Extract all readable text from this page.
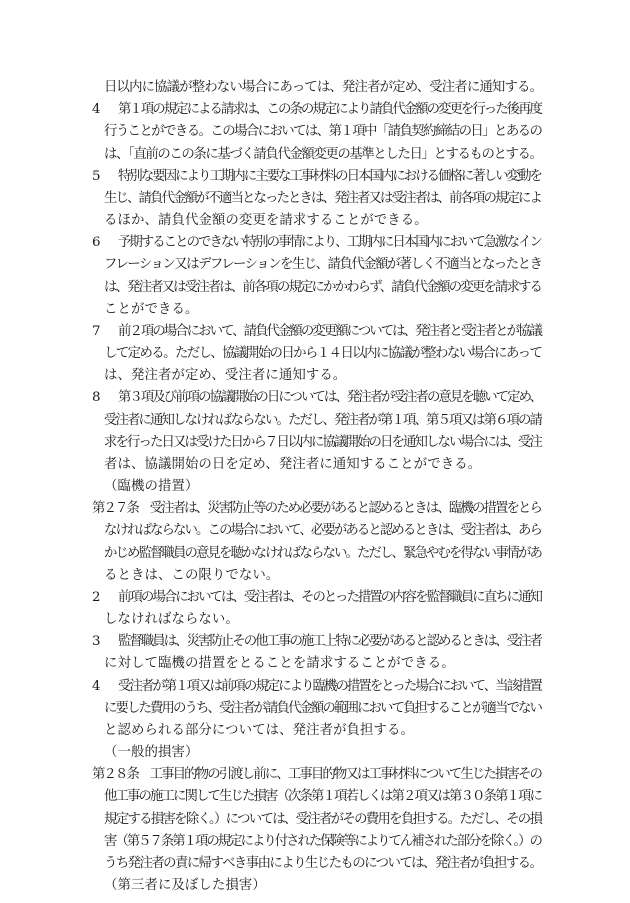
日以内に協議が整わない場合にあっては、発注者が定め、受注者に通知する。
4	第１項の規定による請求は、この条の規定により請負代金額の変更を行った後再度
行うことができる。この場合においては、第１項中「請負契約締結の日」とあるの
は、「直前のこの条に基づく請負代金額変更の基準とした日」とするものとする。
5	特別な要因により工期内に主要な工事材料の日本国内における価格に著しい変動を
生じ、請負代金額が不適当となったときは、発注者又は受注者は、前各項の規定によ
るほか、請負代金額の変更を請求することができる。
6	予期することのできない特別の事情により、工期内に日本国内において急激なイン
フレーション又はデフレーションを生じ、請負代金額が著しく不適当となったとき
は、発注者又は受注者は、前各項の規定にかかわらず、請負代金額の変更を請求する
ことができる。
7	前２項の場合において、請負代金額の変更額については、発注者と受注者とが協議
して定める。ただし、協議開始の日から１４日以内に協議が整わない場合にあって
は、発注者が定め、受注者に通知する。
8	第３項及び前項の協議開始の日については、発注者が受注者の意見を聴いて定め、
受注者に通知しなければならない。ただし、発注者が第１項、第５項又は第６項の請
求を行った日又は受けた日から７日以内に協議開始の日を通知しない場合には、受注
者は、協議開始の日を定め、発注者に通知することができる。
（臨機の措置）
第２７条　受注者は、災害防止等のため必要があると認めるときは、臨機の措置をとら
なければならない。この場合において、必要があると認めるときは、受注者は、あら
かじめ監督職員の意見を聴かなければならない。ただし、緊急やむを得ない事情があ
るときは、この限りでない。
2	前項の場合においては、受注者は、そのとった措置の内容を監督職員に直ちに通知
しなければならない。
3	監督職員は、災害防止その他工事の施工上特に必要があると認めるときは、受注者
に対して臨機の措置をとることを請求することができる。
4	受注者が第１項又は前項の規定により臨機の措置をとった場合において、当該措置
に要した費用のうち、受注者が請負代金額の範囲において負担することが適当でない
と認められる部分については、発注者が負担する。
（一般的損害）
第２８条　工事目的物の引渡し前に、工事目的物又は工事材料について生じた損害その
他工事の施工に関して生じた損害（次条第１項若しくは第２項又は第３０条第１項に
規定する損害を除く。）については、受注者がその費用を負担する。ただし、その損
害（第５７条第１項の規定により付された保険等によりてん補された部分を除く。）の
うち発注者の責に帰すべき事由により生じたものについては、発注者が負担する。
（第三者に及ぼした損害）
